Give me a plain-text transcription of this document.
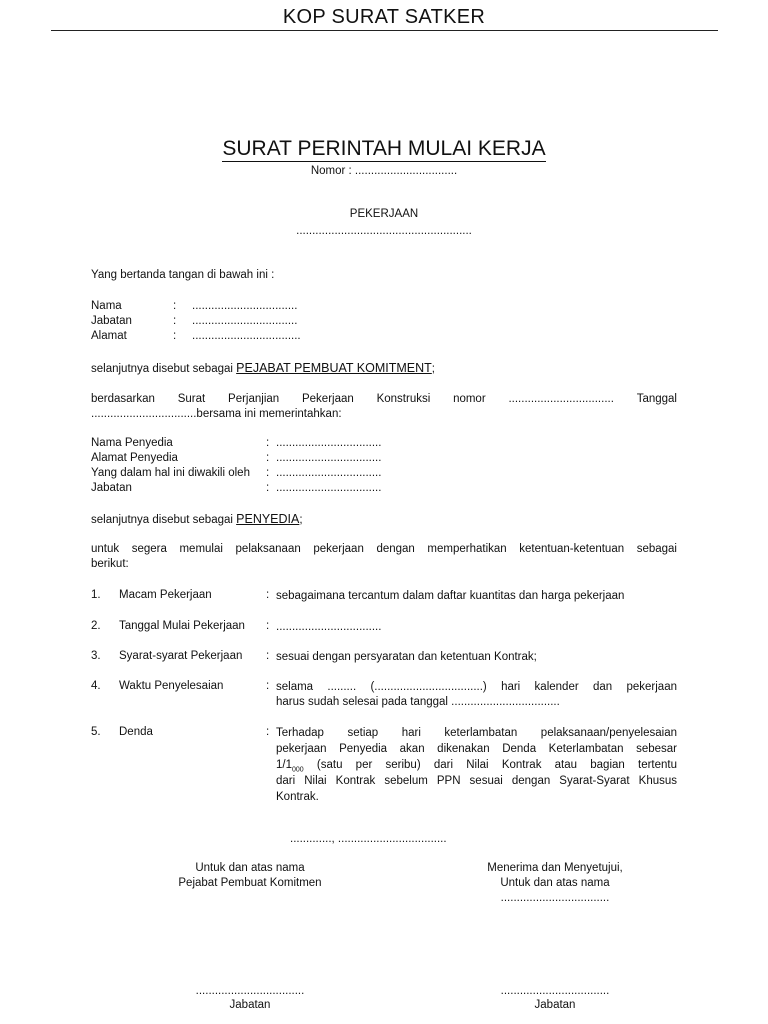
KOP SURAT SATKER
SURAT PERINTAH MULAI KERJA
Nomor : ................................
PEKERJAAN
.......................................................
Yang bertanda tangan di bawah ini :
Nama	: .................................
Jabatan	: .................................
Alamat	: ..................................
selanjutnya disebut sebagai PEJABAT PEMBUAT KOMITMENT;
berdasarkan Surat Perjanjian Pekerjaan Konstruksi nomor ................................. Tanggal
.................................bersama ini memerintahkan:
Nama Penyedia	: .................................
Alamat Penyedia	: .................................
Yang dalam hal ini diwakili oleh : .................................
Jabatan	: .................................
selanjutnya disebut sebagai PENYEDIA;
untuk segera memulai pelaksanaan pekerjaan dengan memperhatikan ketentuan-ketentuan sebagai
berikut:
1. Macam Pekerjaan	: sebagaimana tercantum dalam daftar kuantitas dan harga pekerjaan
2. Tanggal Mulai Pekerjaan : .................................
3. Syarat-syarat Pekerjaan : sesuai dengan persyaratan dan ketentuan Kontrak;
4. Waktu Penyelesaian	: selama ......... (..................................) hari kalender dan pekerjaan
harus sudah selesai pada tanggal ..................................
5. Denda	: Terhadap setiap hari keterlambatan pelaksanaan/penyelesaian
pekerjaan Penyedia akan dikenakan Denda Keterlambatan sebesar
$1/1_{000}$ (satu per seribu) dari Nilai Kontrak atau bagian tertentu
dari Nilai Kontrak sebelum PPN sesuai dengan Syarat-Syarat Khusus
Kontrak.
............., ..................................
Untuk dan atas nama
Pejabat Pembuat Komitmen
Menerima dan Menyetujui,
Untuk dan atas nama
..................................
..................................
Jabatan
..................................
Jabatan
